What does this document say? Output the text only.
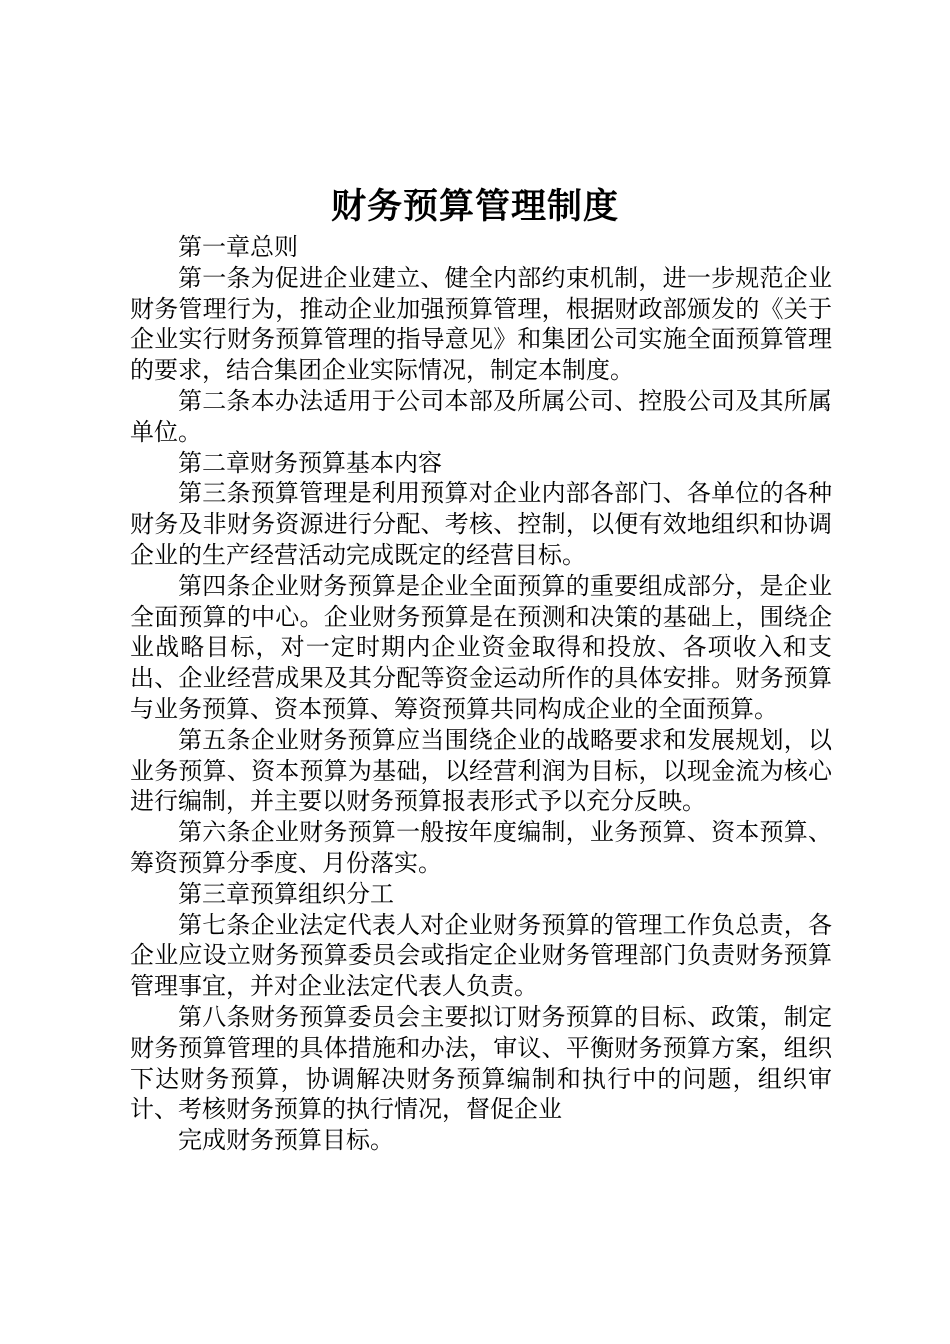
财务预算管理制度

第一章总则

第一条为促进企业建立、健全内部约束机制，进一步规范企业财务管理行为，推动企业加强预算管理，根据财政部颁发的《关于企业实行财务预算管理的指导意见》和集团公司实施全面预算管理的要求，结合集团企业实际情况，制定本制度。

第二条本办法适用于公司本部及所属公司、控股公司及其所属单位。

第二章财务预算基本内容

第三条预算管理是利用预算对企业内部各部门、各单位的各种财务及非财务资源进行分配、考核、控制，以便有效地组织和协调企业的生产经营活动完成既定的经营目标。

第四条企业财务预算是企业全面预算的重要组成部分，是企业全面预算的中心。企业财务预算是在预测和决策的基础上，围绕企业战略目标，对一定时期内企业资金取得和投放、各项收入和支出、企业经营成果及其分配等资金运动所作的具体安排。财务预算与业务预算、资本预算、筹资预算共同构成企业的全面预算。

第五条企业财务预算应当围绕企业的战略要求和发展规划，以业务预算、资本预算为基础，以经营利润为目标，以现金流为核心进行编制，并主要以财务预算报表形式予以充分反映。

第六条企业财务预算一般按年度编制，业务预算、资本预算、筹资预算分季度、月份落实。

第三章预算组织分工

第七条企业法定代表人对企业财务预算的管理工作负总责，各企业应设立财务预算委员会或指定企业财务管理部门负责财务预算管理事宜，并对企业法定代表人负责。

第八条财务预算委员会主要拟订财务预算的目标、政策，制定财务预算管理的具体措施和办法，审议、平衡财务预算方案，组织下达财务预算，协调解决财务预算编制和执行中的问题，组织审计、考核财务预算的执行情况，督促企业

完成财务预算目标。
